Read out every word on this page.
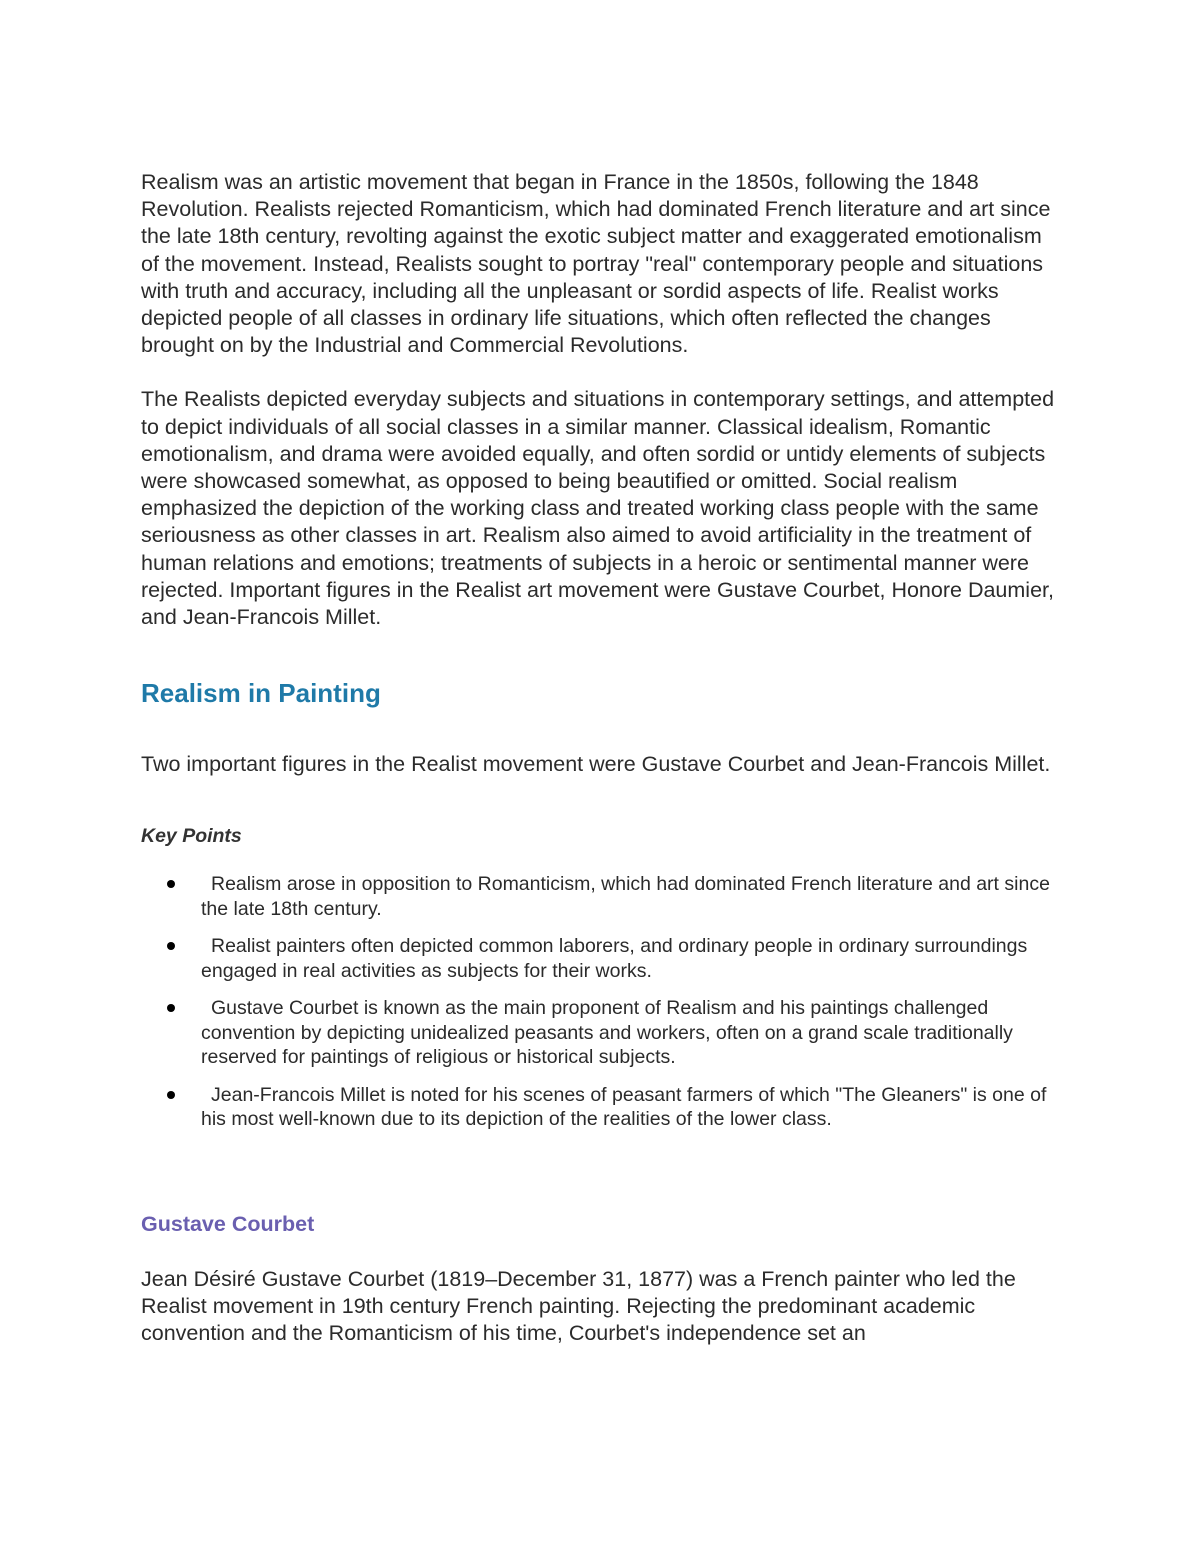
Realism was an artistic movement that began in France in the 1850s, following the 1848 Revolution. Realists rejected Romanticism, which had dominated French literature and art since the late 18th century, revolting against the exotic subject matter and exaggerated emotionalism of the movement. Instead, Realists sought to portray "real" contemporary people and situations with truth and accuracy, including all the unpleasant or sordid aspects of life. Realist works depicted people of all classes in ordinary life situations, which often reflected the changes brought on by the Industrial and Commercial Revolutions.

The Realists depicted everyday subjects and situations in contemporary settings, and attempted to depict individuals of all social classes in a similar manner. Classical idealism, Romantic emotionalism, and drama were avoided equally, and often sordid or untidy elements of subjects were showcased somewhat, as opposed to being beautified or omitted. Social realism emphasized the depiction of the working class and treated working class people with the same seriousness as other classes in art. Realism also aimed to avoid artificiality in the treatment of human relations and emotions; treatments of subjects in a heroic or sentimental manner were rejected. Important figures in the Realist art movement were Gustave Courbet, Honore Daumier, and Jean-Francois Millet.

Realism in Painting

Two important figures in the Realist movement were Gustave Courbet and Jean-Francois Millet.

Key Points
Realism arose in opposition to Romanticism, which had dominated French literature and art since the late 18th century.
Realist painters often depicted common laborers, and ordinary people in ordinary surroundings engaged in real activities as subjects for their works.
Gustave Courbet is known as the main proponent of Realism and his paintings challenged convention by depicting unidealized peasants and workers, often on a grand scale traditionally reserved for paintings of religious or historical subjects.
Jean-Francois Millet is noted for his scenes of peasant farmers of which "The Gleaners" is one of his most well-known due to its depiction of the realities of the lower class.
Gustave Courbet

Jean Désiré Gustave Courbet (1819–December 31, 1877) was a French painter who led the Realist movement in 19th century French painting. Rejecting the predominant academic convention and the Romanticism of his time, Courbet's independence set an
